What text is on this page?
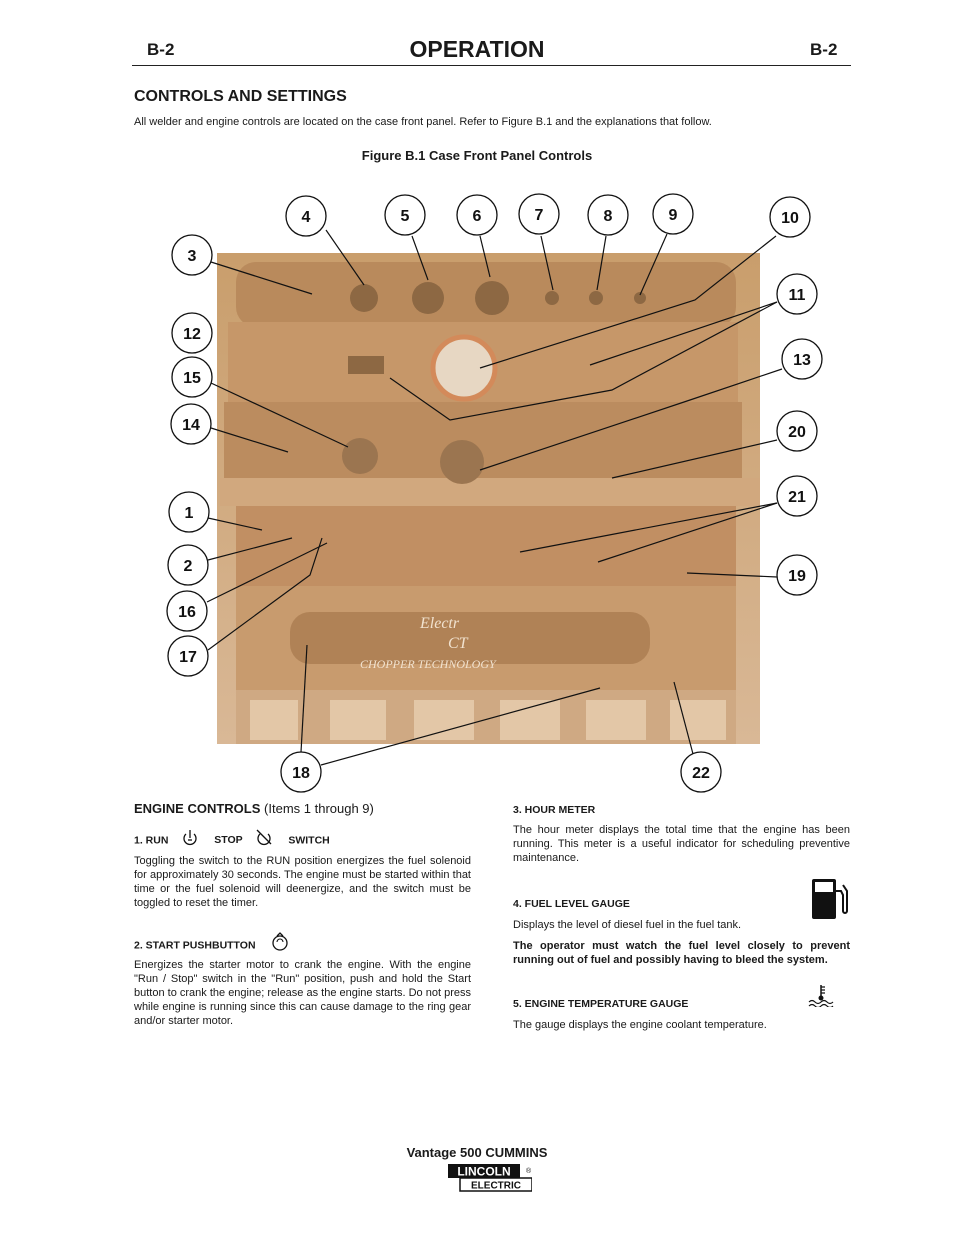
B-2	OPERATION	B-2
CONTROLS AND SETTINGS
All welder and engine controls are located on the case front panel. Refer to Figure B.1 and the explanations that follow.
Figure B.1 Case Front Panel Controls
Electr
CT
CHOPPER TECHNOLOGY
1
2
3
4	5	6	7	8	9	10
11
12
13
14
15
16
17
18
19
20
21
22
ENGINE CONTROLS (Items 1 through 9)
1. RUN	STOP	SWITCH

Toggling the switch to the RUN position energizes the fuel solenoid for approximately 30 seconds. The engine must be started within that time or the fuel solenoid will deenergize, and the switch must be toggled to reset the timer.

2. START PUSHBUTTON

Energizes the starter motor to crank the engine. With the engine "Run / Stop" switch in the "Run" position, push and hold the Start button to crank the engine; release as the engine starts. Do not press while engine is running since this can cause damage to the ring gear and/or starter motor.

3. HOUR METER

The hour meter displays the total time that the engine has been running. This meter is a useful indicator for scheduling preventive maintenance.

4. FUEL LEVEL GAUGE

Displays the level of diesel fuel in the fuel tank.

The operator must watch the fuel level closely to prevent running out of fuel and possibly having to bleed the system.

5. ENGINE TEMPERATURE GAUGE

The gauge displays the engine coolant temperature.

Vantage 500 CUMMINS
LINCOLN
ELECTRIC
®
